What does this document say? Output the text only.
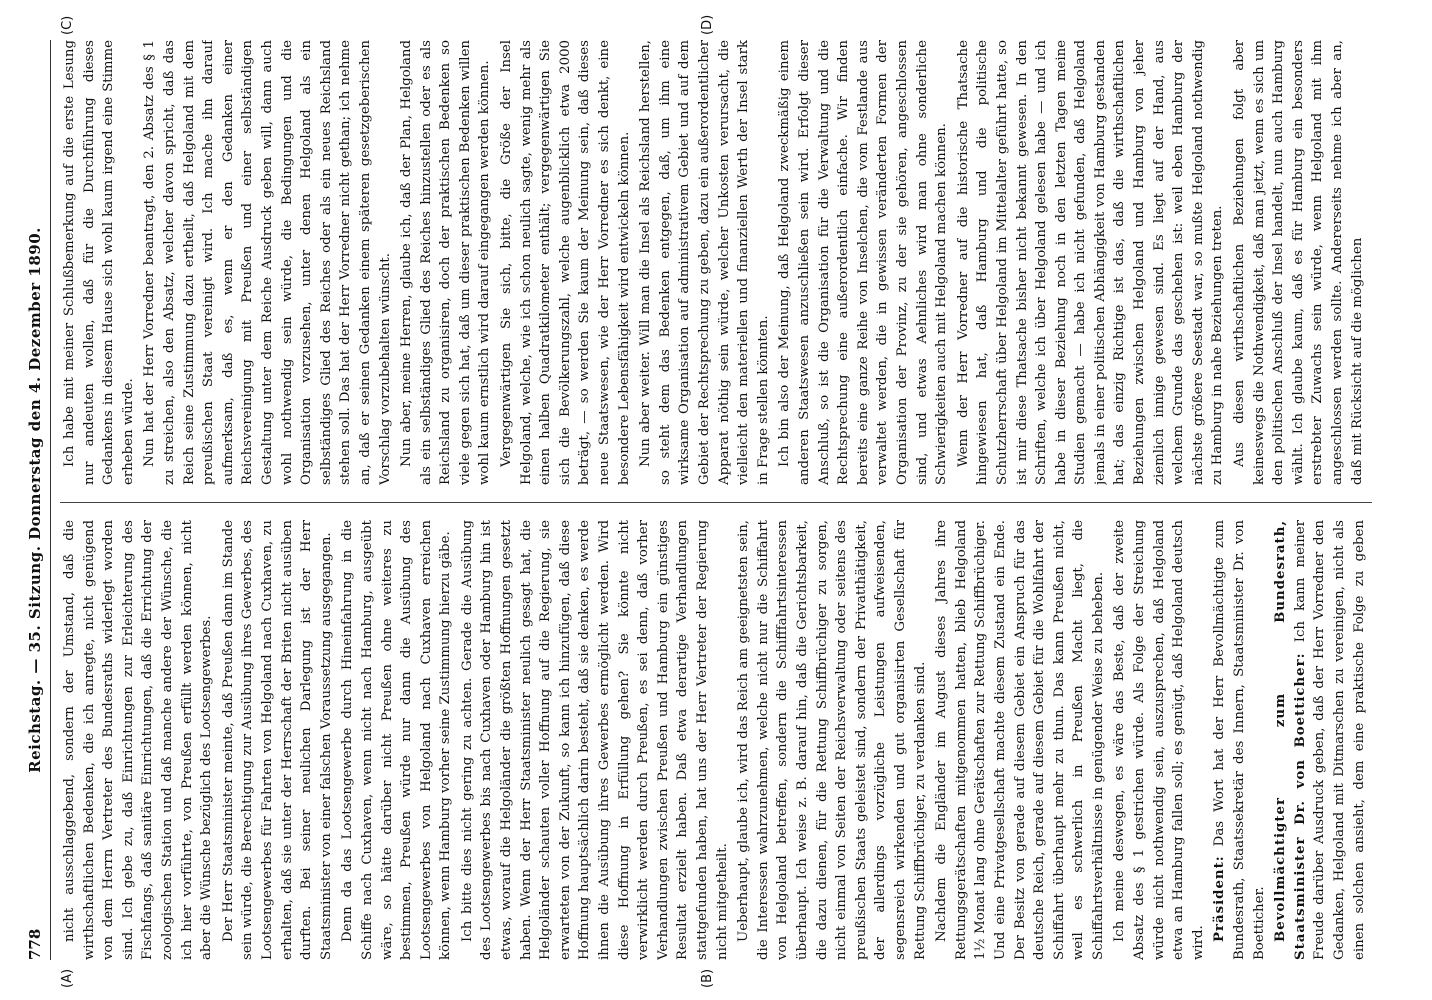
778
Reichstag. — 35. Sitzung. Donnerstag den 4. Dezember 1890.
(A)	(B)
(C)	(D)

nicht ausschlaggebend, sondern der Umstand, daß die wirthschaftlichen Bedenken, die ich anregte, nicht genügend von dem Herrn Vertreter des Bundesraths widerlegt worden sind. Ich gebe zu, daß Einrichtungen zur Erleichterung des Fischfangs, daß sanitäre Einrichtungen, daß die Errichtung der zoologischen Station und daß manche andere der Wünsche, die ich hier vorführte, von Preußen erfüllt werden können, nicht aber die Wünsche bezüglich des Lootsengewerbes. Der Herr Staatsminister meinte, daß Preußen dann im Stande sein würde, die Berechtigung zur Ausübung ihres Gewerbes, des Lootsengewerbes für Fahrten von Helgoland nach Cuxhaven, zu erhalten, daß sie unter der Herrschaft der Briten nicht ausüben durften. Bei seiner neulichen Darlegung ist der Herr Staatsminister von einer falschen Voraussetzung ausgegangen. Denn da das Lootsengewerbe durch Hineinfahrung in die Schiffe nach Cuxhaven, wenn nicht nach Hamburg, ausgeübt wäre, so hätte darüber nicht Preußen ohne weiteres zu bestimmen, Preußen würde nur dann die Ausübung des Lootsengewerbes von Helgoland nach Cuxhaven erreichen können, wenn Hamburg vorher seine Zustimmung hierzu gäbe. Ich bitte dies nicht gering zu achten. Gerade die Ausübung des Lootsengewerbes bis nach Cuxhaven oder Hamburg hin ist etwas, worauf die Helgoländer die größten Hoffnungen gesetzt haben. Wenn der Herr Staatsminister neulich gesagt hat, die Helgoländer schauten voller Hoffnung auf die Regierung, sie erwarteten von der Zukunft, so kann ich hinzufügen, daß diese Hoffnung hauptsächlich darin besteht, daß sie denken, es werde ihnen die Ausübung ihres Gewerbes ermöglicht werden. Wird diese Hoffnung in Erfüllung gehen? Sie könnte nicht verwirklicht werden durch Preußen, es sei denn, daß vorher Verhandlungen zwischen Preußen und Hamburg ein günstiges Resultat erzielt haben. Daß etwa derartige Verhandlungen stattgefunden haben, hat uns der Herr Vertreter der Regierung nicht mitgetheilt. Ueberhaupt, glaube ich, wird das Reich am geeignetsten sein, die Interessen wahrzunehmen, welche nicht nur die Schiffahrt von Helgoland betreffen, sondern die Schifffahrtsinteressen überhaupt. Ich weise z. B. darauf hin, daß die Gerichtsbarkeit, die dazu dienen, für die Rettung Schiffbrüchiger zu sorgen, nicht einmal von Seiten der Reichsverwaltung oder seitens des preußischen Staats geleistet sind, sondern der Privatthätigkeit, der allerdings vorzügliche Leistungen aufweisenden, segensreich wirkenden und gut organisirten Gesellschaft für Rettung Schiffbrüchiger, zu verdanken sind. Nachdem die Engländer im August dieses Jahres ihre Rettungsgerätschaften mitgenommen hatten, blieb Helgoland 1½ Monat lang ohne Gerätschaften zur Rettung Schiffbrüchiger. Und eine Privatgesellschaft machte diesem Zustand ein Ende. Der Besitz von gerade auf diesem Gebiet ein Anspruch für das deutsche Reich, gerade auf diesem Gebiet für die Wohlfahrt der Schiffahrt überhaupt mehr zu thun. Das kann Preußen nicht, weil es schwerlich in Preußen Macht liegt, die Schiffahrtsverhältnisse in genügender Weise zu beheben. Ich meine deswegen, es wäre das Beste, daß der zweite Absatz des § 1 gestrichen würde. Als Folge der Streichung würde nicht nothwendig sein, auszusprechen, daß Helgoland etwa an Hamburg fallen soll; es genügt, daß Helgoland deutsch wird.

Präsident: Das Wort hat der Herr Bevollmächtigte zum Bundesrath, Staatssekretär des Innern, Staatsminister Dr. von Boetticher. Bevollmächtigter zum Bundesrath, Staatsminister Dr. von Boetticher: Ich kann meiner Freude darüber Ausdruck geben, daß der Herr Vorredner den Gedanken, Helgoland mit Ditmarschen zu vereinigen, nicht als einen solchen ansieht, dem eine praktische Folge zu geben

Ich habe mit meiner Schlußbemerkung auf die erste Lesung nur andeuten wollen, daß für die Durchführung dieses Gedankens in diesem Hause sich wohl kaum irgend eine Stimme erheben würde. Nun hat der Herr Vorredner beantragt, den 2. Absatz des § 1 zu streichen, also den Absatz, welcher davon spricht, daß das Reich seine Zustimmung dazu ertheilt, daß Helgoland mit dem preußischen Staat vereinigt wird. Ich mache ihn darauf aufmerksam, daß es, wenn er den Gedanken einer Reichsvereinigung mit Preußen und einer selbständigen Gestaltung unter dem Reiche Ausdruck geben will, dann auch wohl nothwendig sein würde, die Bedingungen und die Organisation vorzusehen, unter denen Helgoland als ein selbständiges Glied des Reiches oder als ein neues Reichsland stehen soll. Das hat der Herr Vorredner nicht gethan; ich nehme an, daß er seinen Gedanken einem späteren gesetzgeberischen Vorschlag vorzubehalten wünscht. Nun aber, meine Herren, glaube ich, daß der Plan, Helgoland als ein selbständiges Glied des Reiches hinzustellen oder es als Reichsland zu organisiren, doch der praktischen Bedenken so viele gegen sich hat, daß um dieser praktischen Bedenken willen wohl kaum ernstlich wird darauf eingegangen werden können. Vergegenwärtigen Sie sich, bitte, die Größe der Insel Helgoland, welche, wie ich schon neulich sagte, wenig mehr als einen halben Quadratkilometer enthält; vergegenwärtigen Sie sich die Bevölkerungszahl, welche augenblicklich etwa 2000 beträgt, — so werden Sie kaum der Meinung sein, daß dieses neue Staatswesen, wie der Herr Vorredner es sich denkt, eine besondere Lebensfähigkeit wird entwickeln können. Nun aber weiter. Will man die Insel als Reichsland herstellen, so steht dem das Bedenken entgegen, daß, um ihm eine wirksame Organisation auf administrativem Gebiet und auf dem Gebiet der Rechtsprechung zu geben, dazu ein außerordentlicher Apparat nöthig sein würde, welcher Unkosten verursacht, die vielleicht den materiellen und finanziellen Werth der Insel stark in Frage stellen könnten. Ich bin also der Meinung, daß Helgoland zweckmäßig einem anderen Staatswesen anzuschließen sein wird. Erfolgt dieser Anschluß, so ist die Organisation für die Verwaltung und die Rechtsprechung eine außerordentlich einfache. Wir finden bereits eine ganze Reihe von Inselchen, die vom Festlande aus verwaltet werden, die in gewissen veränderten Formen der Organisation der Provinz, zu der sie gehören, angeschlossen sind, und etwas Aehnliches wird man ohne sonderliche Schwierigkeiten auch mit Helgoland machen können. Wenn der Herr Vorredner auf die historische Thatsache hingewiesen hat, daß Hamburg und die politische Schutzherrschaft über Helgoland im Mittelalter geführt hatte, so ist mir diese Thatsache bisher nicht bekannt gewesen. In den Schriften, welche ich über Helgoland gelesen habe — und ich habe in dieser Beziehung noch in den letzten Tagen meine Studien gemacht — habe ich nicht gefunden, daß Helgoland jemals in einer politischen Abhängigkeit von Hamburg gestanden hat; das einzig Richtige ist das, daß die wirthschaftlichen Beziehungen zwischen Helgoland und Hamburg von jeher ziemlich innige gewesen sind. Es liegt auf der Hand, aus welchem Grunde das geschehen ist: weil eben Hamburg der nächste größere Seestadt war, so mußte Helgoland nothwendig zu Hamburg in nahe Beziehungen treten. Aus diesen wirthschaftlichen Beziehungen folgt aber keineswegs die Nothwendigkeit, daß man jetzt, wenn es sich um den politischen Anschluß der Insel handelt, nun auch Hamburg wählt. Ich glaube kaum, daß es für Hamburg ein besonders erstrebter Zuwachs sein würde, wenn Helgoland mit ihm angeschlossen werden sollte. Andererseits nehme ich aber an, daß mit Rücksicht auf die möglichen
